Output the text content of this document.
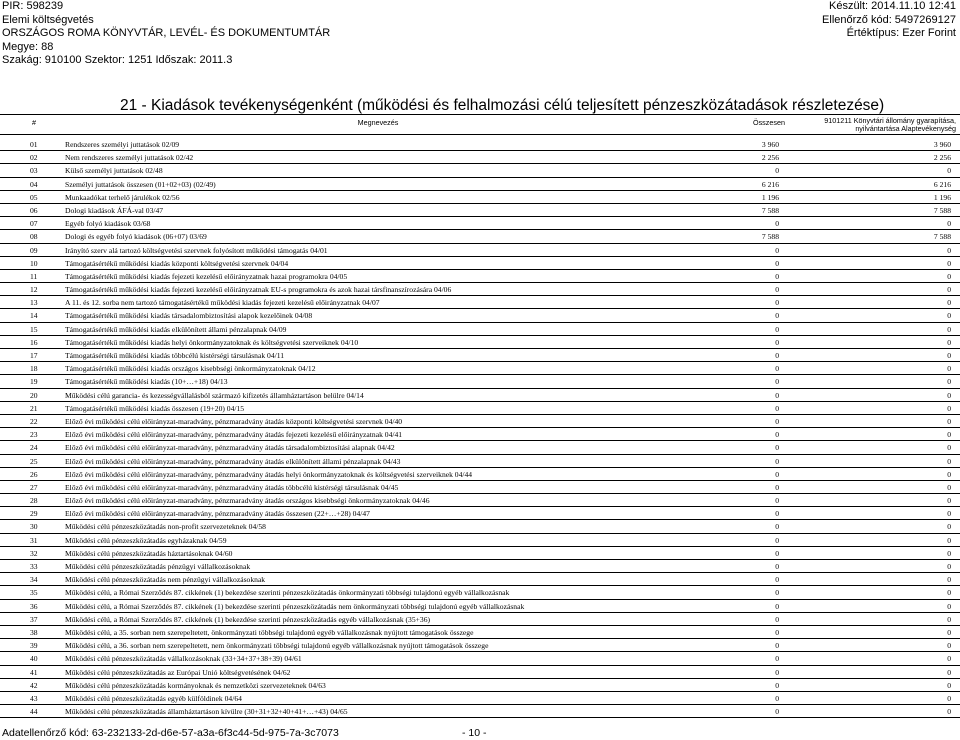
PIR: 598239
Elemi költségvetés
ORSZÁGOS ROMA KÖNYVTÁR, LEVÉL- ÉS DOKUMENTUMTÁR
Megye: 88
Szakág: 910100 Szektor: 1251 Időszak: 2011.3
Készült: 2014.11.10 12:41
Ellenőrző kód: 5497269127
Értéktípus: Ezer Forint
21 - Kiadások tevékenységenként (működési és felhalmozási célú teljesített pénzeszközátadások részletezése)
#	Megnevezés	Összesen	9101211 Könyvtári állomány gyarapítása,
nyilvántartása Alaptevékenység
01	Rendszeres személyi juttatások 02/09	3 960	3 960
02	Nem rendszeres személyi juttatások 02/42	2 256	2 256
03	Külső személyi juttatások 02/48	0	0
04	Személyi juttatások összesen (01+02+03) (02/49)	6 216	6 216
05	Munkaadókat terhelő járulékok 02/56	1 196	1 196
06	Dologi kiadások ÁFÁ-val 03/47	7 588	7 588
07	Egyéb folyó kiadások 03/68	0	0
08	Dologi és egyéb folyó kiadások (06+07) 03/69	7 588	7 588
09	Irányító szerv alá tartozó költségvetési szervnek folyósított működési támogatás 04/01	0	0
10	Támogatásértékű működési kiadás központi költségvetési szervnek 04/04	0	0
11	Támogatásértékű működési kiadás fejezeti kezelésű előirányzatnak hazai programokra 04/05	0	0
12	Támogatásértékű működési kiadás fejezeti kezelésű előirányzatnak EU-s programokra és azok hazai társfinanszírozására 04/06	0	0
13	A 11. és 12. sorba nem tartozó támogatásértékű működési kiadás fejezeti kezelésű előirányzatnak 04/07	0	0
14	Támogatásértékű működési kiadás társadalombiztosítási alapok kezelőinek 04/08	0	0
15	Támogatásértékű működési kiadás elkülönített állami pénzalapnak 04/09	0	0
16	Támogatásértékű működési kiadás helyi önkormányzatoknak és költségvetési szerveiknek 04/10	0	0
17	Támogatásértékű működési kiadás többcélú kistérségi társulásnak 04/11	0	0
18	Támogatásértékű működési kiadás országos kisebbségi önkormányzatoknak 04/12	0	0
19	Támogatásértékű működési kiadás (10+…+18) 04/13	0	0
20	Működési célú garancia- és kezességvállalásból származó kifizetés államháztartáson belülre 04/14	0	0
21	Támogatásértékű működési kiadás összesen (19+20) 04/15	0	0
22	Előző évi működési célú előirányzat-maradvány, pénzmaradvány átadás központi költségvetési szervnek 04/40	0	0
23	Előző évi működési célú előirányzat-maradvány, pénzmaradvány átadás fejezeti kezelésű előirányzatnak 04/41	0	0
24	Előző évi működési célú előirányzat-maradvány, pénzmaradvány átadás társadalombiztosítási alapnak 04/42	0	0
25	Előző évi működési célú előirányzat-maradvány, pénzmaradvány átadás elkülönített állami pénzalapnak 04/43	0	0
26	Előző évi működési célú előirányzat-maradvány, pénzmaradvány átadás helyi önkormányzatoknak és költségvetési szerveiknek 04/44	0	0
27	Előző évi működési célú előirányzat-maradvány, pénzmaradvány átadás többcélú kistérségi társulásnak 04/45	0	0
28	Előző évi működési célú előirányzat-maradvány, pénzmaradvány átadás országos kisebbségi önkormányzatoknak 04/46	0	0
29	Előző évi működési célú előirányzat-maradvány, pénzmaradvány átadás összesen (22+…+28) 04/47	0	0
30	Működési célú pénzeszközátadás non-profit szervezeteknek 04/58	0	0
31	Működési célú pénzeszközátadás egyházaknak 04/59	0	0
32	Működési célú pénzeszközátadás háztartásoknak 04/60	0	0
33	Működési célú pénzeszközátadás pénzügyi vállalkozásoknak	0	0
34	Működési célú pénzeszközátadás nem pénzügyi vállalkozásoknak	0	0
35	Működési célú, a Római Szerződés 87. cikkének (1) bekezdése szerinti pénzeszközátadás önkormányzati többségi tulajdonú egyéb vállalkozásnak	0	0
36	Működési célú, a Római Szerződés 87. cikkének (1) bekezdése szerinti pénzeszközátadás nem önkormányzati többségi tulajdonú egyéb vállalkozásnak	0	0
37	Működési célú, a Római Szerződés 87. cikkének (1) bekezdése szerinti pénzeszközátadás egyéb vállalkozásnak (35+36)	0	0
38	Működési célú, a 35. sorban nem szerepeltetett, önkormányzati többségi tulajdonú egyéb vállalkozásnak nyújtott támogatások összege	0	0
39	Működési célú, a 36. sorban nem szerepeltetett, nem önkormányzati többségi tulajdonú egyéb vállalkozásnak nyújtott támogatások összege	0	0
40	Működési célú pénzeszközátadás vállalkozásoknak (33+34+37+38+39) 04/61	0	0
41	Működési célú pénzeszközátadás az Európai Unió költségvetésének 04/62	0	0
42	Működési célú pénzeszközátadás kormányoknak és nemzetközi szervezeteknek 04/63	0	0
43	Működési célú pénzeszközátadás egyéb külföldinek 04/64	0	0
44	Működési célú pénzeszközátadás államháztartáson kívülre (30+31+32+40+41+…+43) 04/65	0	0
Adatellenőrző kód: 63-232133-2d-d6e-57-a3a-6f3c44-5d-975-7a-3c7073	- 10 -
